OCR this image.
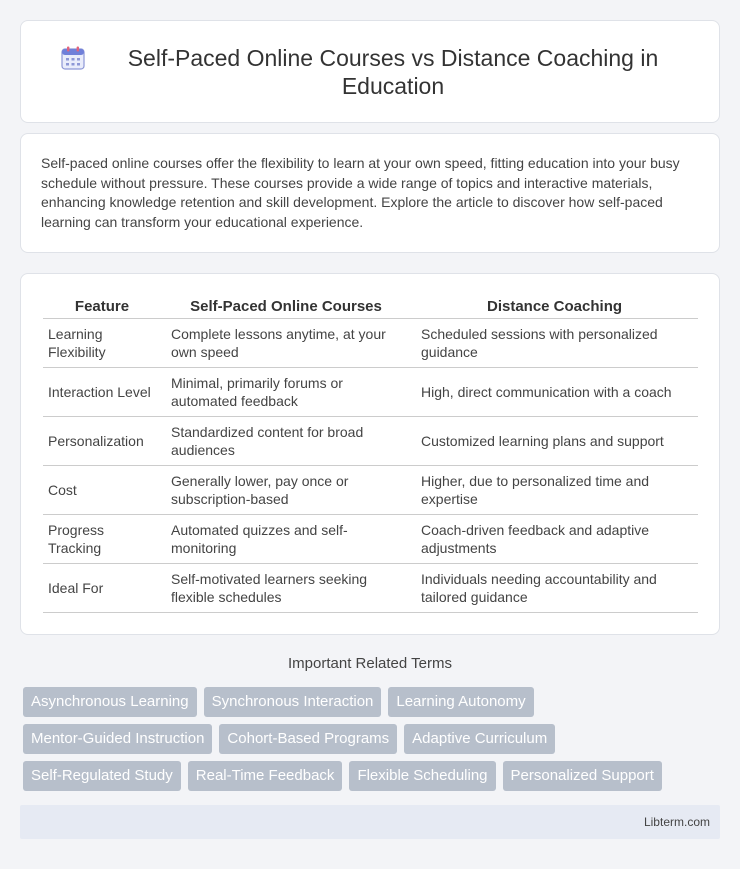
Self-Paced Online Courses vs Distance Coaching in Education

Self-paced online courses offer the flexibility to learn at your own speed, fitting education into your busy schedule without pressure. These courses provide a wide range of topics and interactive materials, enhancing knowledge retention and skill development. Explore the article to discover how self-paced learning can transform your educational experience.

Feature	Self-Paced Online Courses	Distance Coaching
Learning Flexibility	Complete lessons anytime, at your own speed	Scheduled sessions with personalized guidance
Interaction Level	Minimal, primarily forums or automated feedback	High, direct communication with a coach
Personalization	Standardized content for broad audiences	Customized learning plans and support
Cost	Generally lower, pay once or subscription-based	Higher, due to personalized time and expertise
Progress Tracking	Automated quizzes and self-monitoring	Coach-driven feedback and adaptive adjustments
Ideal For	Self-motivated learners seeking flexible schedules	Individuals needing accountability and tailored guidance
Important Related Terms
Asynchronous Learning	Synchronous Interaction	Learning Autonomy
Mentor-Guided Instruction	Cohort-Based Programs	Adaptive Curriculum
Self-Regulated Study	Real-Time Feedback	Flexible Scheduling	Personalized Support
Libterm.com
